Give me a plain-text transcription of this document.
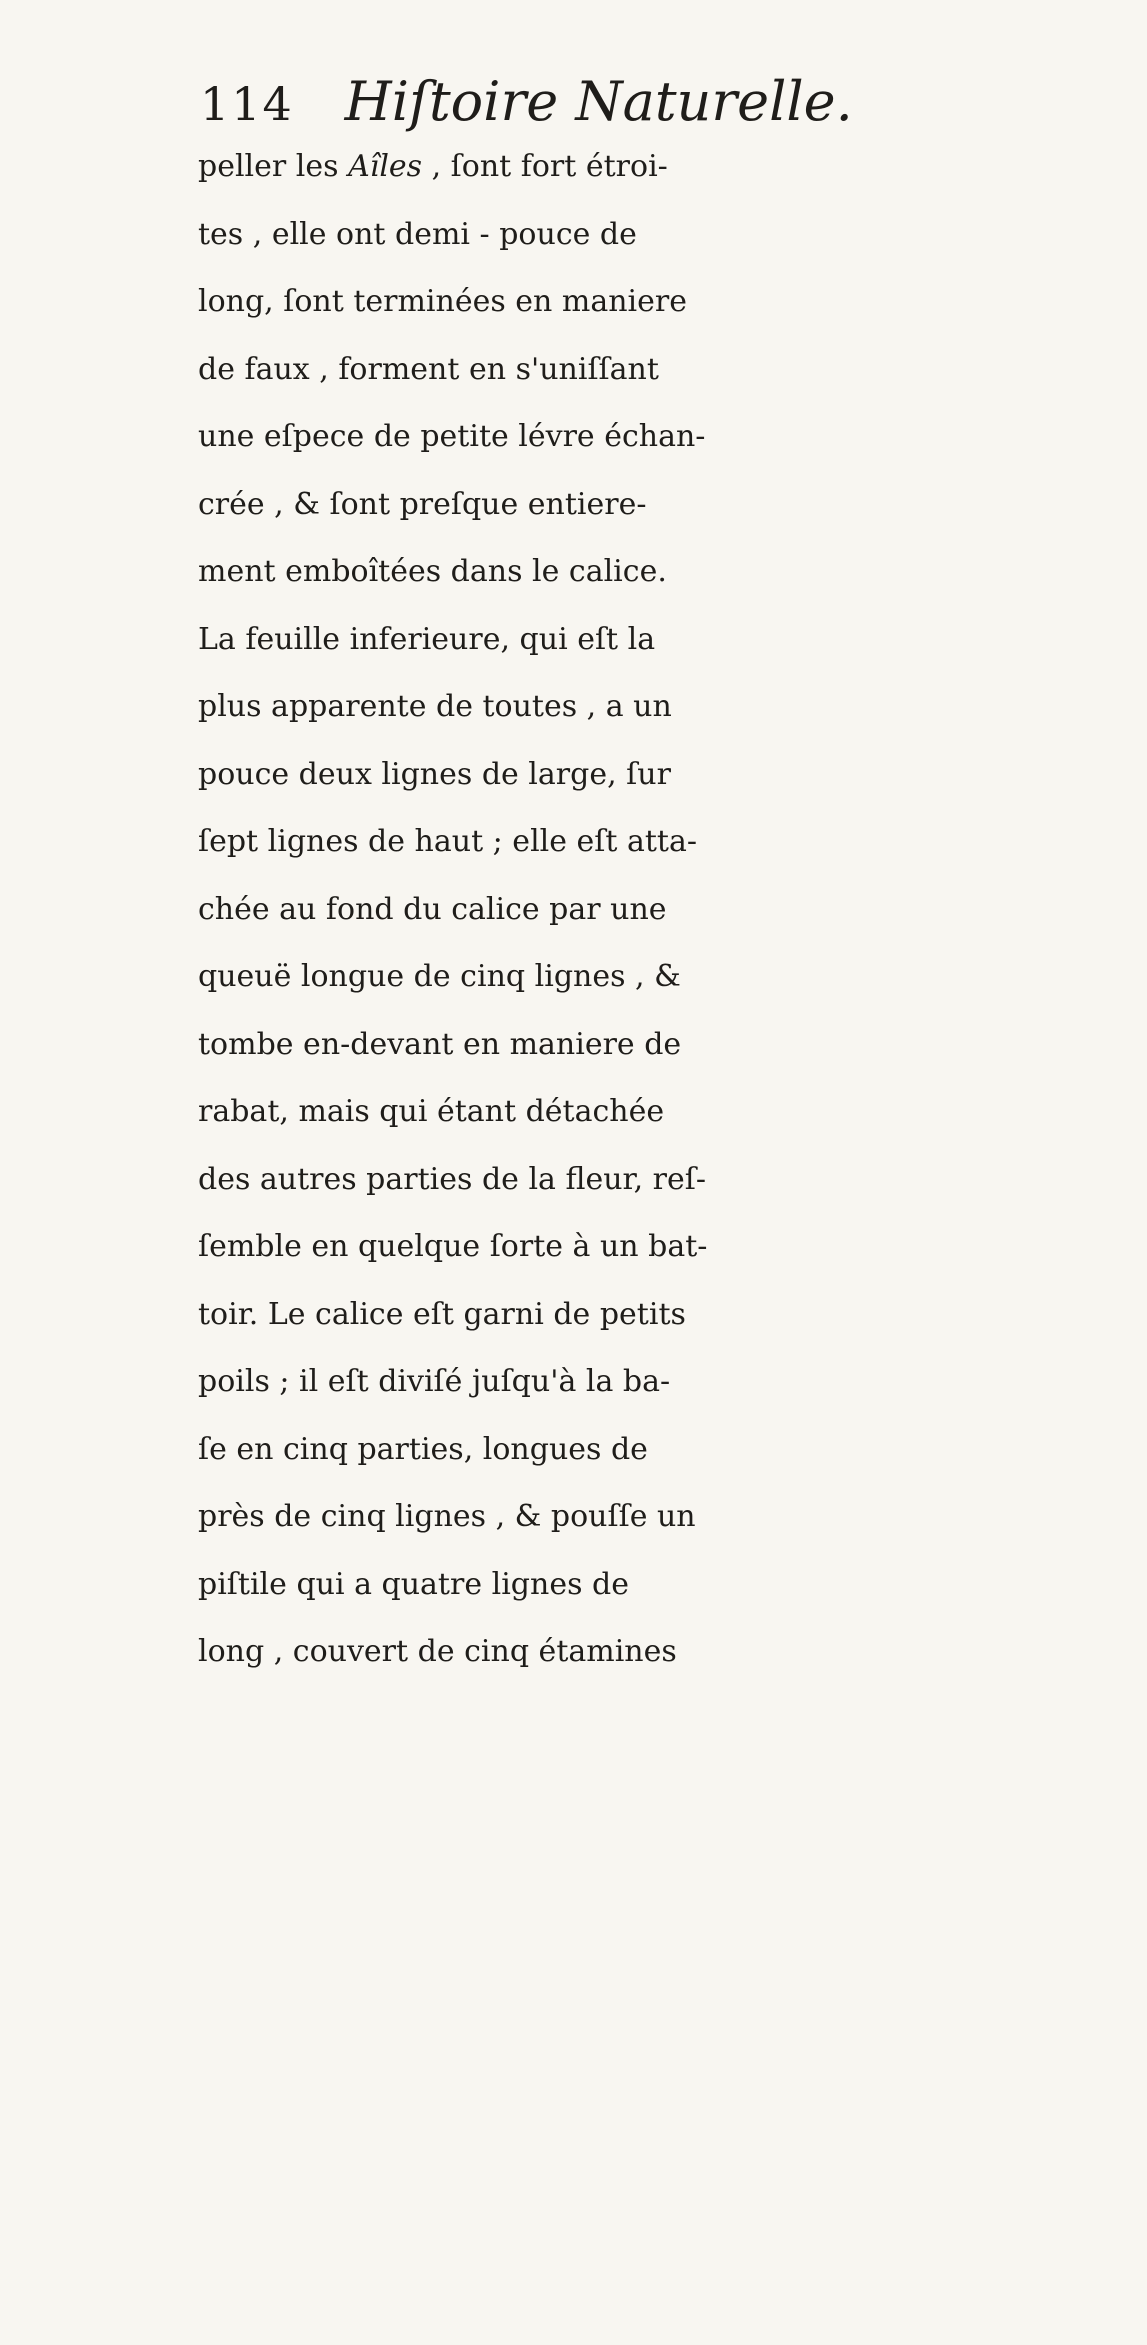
114 Hiſtoire Naturelle.
peller les Aîles , ſont fort étroi-
tes , elle ont demi - pouce de
long, ſont terminées en maniere
de faux , forment en s'uniſſant
une eſpece de petite lévre échan-
crée , & ſont preſque entiere-
ment emboîtées dans le calice.
La feuille inferieure, qui eſt la
plus apparente de toutes , a un
pouce deux lignes de large, ſur
ſept lignes de haut ; elle eſt atta-
chée au fond du calice par une
queuë longue de cinq lignes , &
tombe en-devant en maniere de
rabat, mais qui étant détachée
des autres parties de la fleur, reſ-
ſemble en quelque ſorte à un bat-
toir. Le calice eſt garni de petits
poils ; il eſt diviſé juſqu'à la ba-
ſe en cinq parties, longues de
près de cinq lignes , & pouſſe un
piſtile qui a quatre lignes de
long , couvert de cinq étamines
